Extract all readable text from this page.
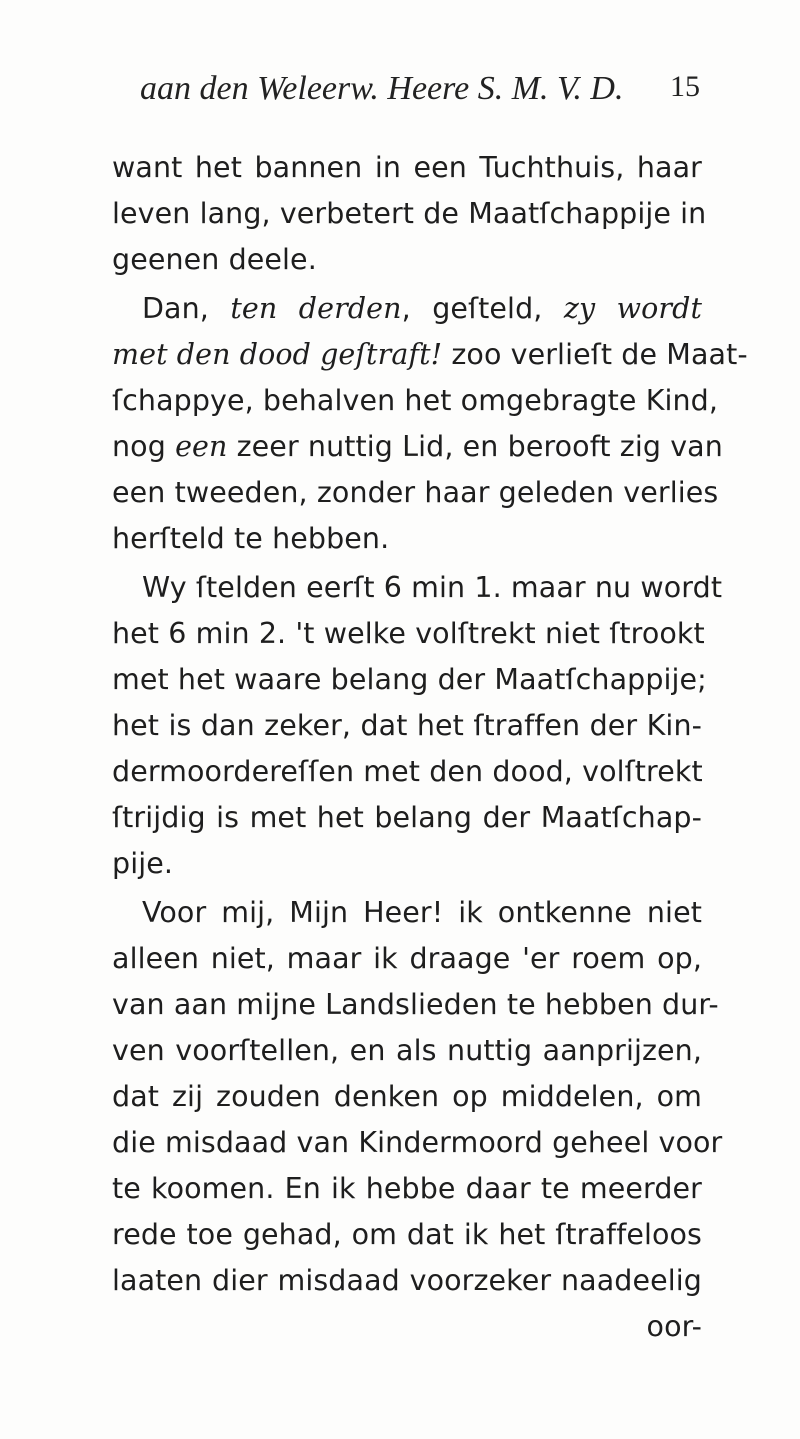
aan den Weleerw. Heere S. M. V. D. 15
want het bannen in een Tuchthuis, haar
leven lang, verbetert de Maatſchappije in
geenen deele.
Dan, ten derden, geſteld, zy wordt
met den dood geſtraft! zoo verlieſt de Maat-
ſchappye, behalven het omgebragte Kind,
nog een zeer nuttig Lid, en berooft zig van
een tweeden, zonder haar geleden verlies
herſteld te hebben.
Wy ſtelden eerſt 6 min 1. maar nu wordt
het 6 min 2. 't welke volſtrekt niet ſtrookt
met het waare belang der Maatſchappije;
het is dan zeker, dat het ſtraffen der Kin-
dermoordereſſen met den dood, volſtrekt
ſtrijdig is met het belang der Maatſchap-
pije.
Voor mij, Mijn Heer! ik ontkenne niet
alleen niet, maar ik draage 'er roem op,
van aan mijne Landslieden te hebben dur-
ven voorſtellen, en als nuttig aanprijzen,
dat zij zouden denken op middelen, om
die misdaad van Kindermoord geheel voor
te koomen. En ik hebbe daar te meerder
rede toe gehad, om dat ik het ſtraffeloos
laaten dier misdaad voorzeker naadeelig
oor-
